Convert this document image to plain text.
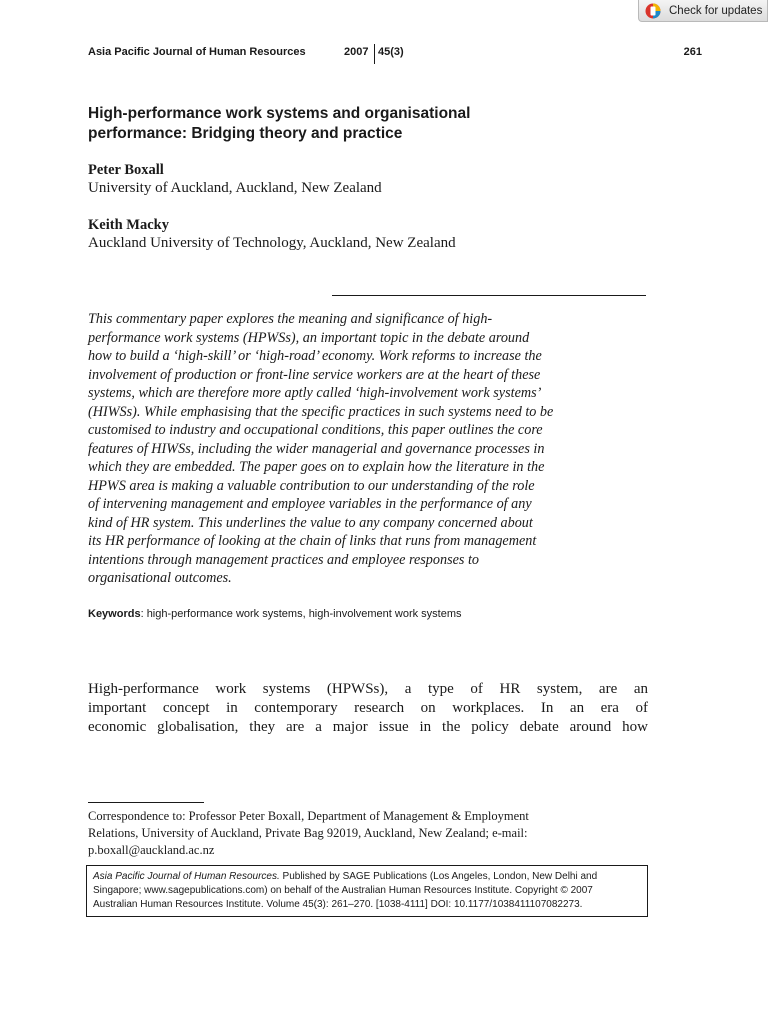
Check for updates
Asia Pacific Journal of Human Resources	2007 45(3)	261
High-performance work systems and organisational
performance: Bridging theory and practice
Peter Boxall
University of Auckland, Auckland, New Zealand
Keith Macky
Auckland University of Technology, Auckland, New Zealand

This commentary paper explores the meaning and significance of high-
performance work systems (HPWSs), an important topic in the debate around
how to build a ‘high-skill’ or ‘high-road’ economy. Work reforms to increase the
involvement of production or front-line service workers are at the heart of these
systems, which are therefore more aptly called ‘high-involvement work systems’
(HIWSs). While emphasising that the specific practices in such systems need to be
customised to industry and occupational conditions, this paper outlines the core
features of HIWSs, including the wider managerial and governance processes in
which they are embedded. The paper goes on to explain how the literature in the
HPWS area is making a valuable contribution to our understanding of the role
of intervening management and employee variables in the performance of any
kind of HR system. This underlines the value to any company concerned about
its HR performance of looking at the chain of links that runs from management
intentions through management practices and employee responses to
organisational outcomes.

Keywords: high-performance work systems, high-involvement work systems

High-performance work systems (HPWSs), a type of HR system, are an
important concept in contemporary research on workplaces. In an era of
economic globalisation, they are a major issue in the policy debate around how

Correspondence to: Professor Peter Boxall, Department of Management & Employment
Relations, University of Auckland, Private Bag 92019, Auckland, New Zealand; e-mail:
p.boxall@auckland.ac.nz

Asia Pacific Journal of Human Resources. Published by SAGE Publications (Los Angeles, London, New Delhi and
Singapore; www.sagepublications.com) on behalf of the Australian Human Resources Institute. Copyright © 2007
Australian Human Resources Institute. Volume 45(3): 261–270. [1038-4111] DOI: 10.1177/1038411107082273.
